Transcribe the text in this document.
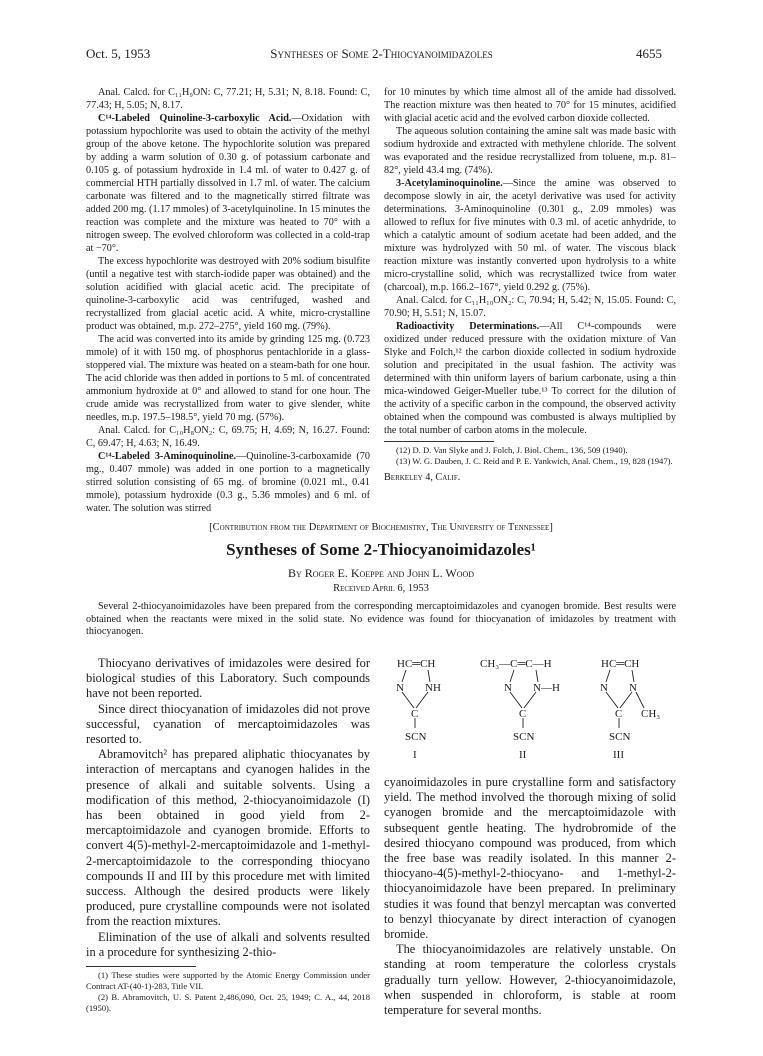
Oct. 5, 1953	Syntheses of Some 2-Thiocyanoimidazoles	4655

Anal. Calcd. for C₁₁H₉ON: C, 77.21; H, 5.31; N, 8.18. Found: C, 77.43; H, 5.05; N, 8.17.

C¹⁴-Labeled Quinoline-3-carboxylic Acid.—Oxidation with potassium hypochlorite was used to obtain the activity of the methyl group of the above ketone. The hypochlorite solution was prepared by adding a warm solution of 0.30 g. of potassium carbonate and 0.105 g. of potassium hydroxide in 1.4 ml. of water to 0.427 g. of commercial HTH partially dissolved in 1.7 ml. of water. The calcium carbonate was filtered and to the magnetically stirred filtrate was added 200 mg. (1.17 mmoles) of 3-acetylquinoline. In 15 minutes the reaction was complete and the mixture was heated to 70° with a nitrogen sweep. The evolved chloroform was collected in a cold-trap at −70°.

The excess hypochlorite was destroyed with 20% sodium bisulfite (until a negative test with starch-iodide paper was obtained) and the solution acidified with glacial acetic acid. The precipitate of quinoline-3-carboxylic acid was centrifuged, washed and recrystallized from glacial acetic acid. A white, micro-crystalline product was obtained, m.p. 272–275°, yield 160 mg. (79%).

The acid was converted into its amide by grinding 125 mg. (0.723 mmole) of it with 150 mg. of phosphorus pentachloride in a glass-stoppered vial. The mixture was heated on a steam-bath for one hour. The acid chloride was then added in portions to 5 ml. of concentrated ammonium hydroxide at 0° and allowed to stand for one hour. The crude amide was recrystallized from water to give slender, white needles, m.p. 197.5–198.5°, yield 70 mg. (57%).

Anal. Calcd. for C₁₀H₈ON₂: C, 69.75; H, 4.69; N, 16.27. Found: C, 69.47; H, 4.63; N, 16.49.

C¹⁴-Labeled 3-Aminoquinoline.—Quinoline-3-carboxamide (70 mg., 0.407 mmole) was added in one portion to a magnetically stirred solution consisting of 65 mg. of bromine (0.021 ml., 0.41 mmole), potassium hydroxide (0.3 g., 5.36 mmoles) and 6 ml. of water. The solution was stirred

for 10 minutes by which time almost all of the amide had dissolved. The reaction mixture was then heated to 70° for 15 minutes, acidified with glacial acetic acid and the evolved carbon dioxide collected.

The aqueous solution containing the amine salt was made basic with sodium hydroxide and extracted with methylene chloride. The solvent was evaporated and the residue recrystallized from toluene, m.p. 81–82°, yield 43.4 mg. (74%).

3-Acetylaminoquinoline.—Since the amine was observed to decompose slowly in air, the acetyl derivative was used for activity determinations. 3-Aminoquinoline (0.301 g., 2.09 mmoles) was allowed to reflux for five minutes with 0.3 ml. of acetic anhydride, to which a catalytic amount of sodium acetate had been added, and the mixture was hydrolyzed with 50 ml. of water. The viscous black reaction mixture was instantly converted upon hydrolysis to a white micro-crystalline solid, which was recrystallized twice from water (charcoal), m.p. 166.2–167°, yield 0.292 g. (75%).

Anal. Calcd. for C₁₁H₁₀ON₂: C, 70.94; H, 5.42; N, 15.05. Found: C, 70.90; H, 5.51; N, 15.07.

Radioactivity Determinations.—All C¹⁴-compounds were oxidized under reduced pressure with the oxidation mixture of Van Slyke and Folch,¹² the carbon dioxide collected in sodium hydroxide solution and precipitated in the usual fashion. The activity was determined with thin uniform layers of barium carbonate, using a thin mica-windowed Geiger-Mueller tube.¹³ To correct for the dilution of the activity of a specific carbon in the compound, the observed activity obtained when the compound was combusted is always multiplied by the total number of carbon atoms in the molecule.

(12) D. D. Van Slyke and J. Folch, J. Biol. Chem., 136, 509 (1940).

(13) W. G. Dauben, J. C. Reid and P. E. Yankwich, Anal. Chem., 19, 828 (1947).

Berkeley 4, Calif.

[Contribution from the Department of Biochemistry, The University of Tennessee]
Syntheses of Some 2-Thiocyanoimidazoles¹
By Roger E. Koeppe and John L. Wood
Received April 6, 1953
Several 2-thiocyanoimidazoles have been prepared from the corresponding mercaptoimidazoles and cyanogen bromide. Best results were obtained when the reactants were mixed in the solid state. No evidence was found for thiocyanation of imidazoles by treatment with thiocyanogen.

Thiocyano derivatives of imidazoles were desired for biological studies of this Laboratory. Such compounds have not been reported.

Since direct thiocyanation of imidazoles did not prove successful, cyanation of mercaptoimidazoles was resorted to.

Abramovitch² has prepared aliphatic thiocyanates by interaction of mercaptans and cyanogen halides in the presence of alkali and suitable solvents. Using a modification of this method, 2-thiocyanoimidazole (I) has been obtained in good yield from 2-mercaptoimidazole and cyanogen bromide. Efforts to convert 4(5)-methyl-2-mercaptoimidazole and 1-methyl-2-mercaptoimidazole to the corresponding thiocyano compounds II and III by this procedure met with limited success. Although the desired products were likely produced, pure crystalline compounds were not isolated from the reaction mixtures.

Elimination of the use of alkali and solvents resulted in a procedure for synthesizing 2-thio-

(1) These studies were supported by the Atomic Energy Commission under Contract AT-(40-1)-283, Title VII.

(2) B. Abramovitch, U. S. Patent 2,486,090, Oct. 25, 1949; C. A., 44, 2018 (1950).

HC═CH
N NH
C
SCN
I
CH₃—C═C—H
N N—H
C
SCN
II
HC═CH
N N
C CH₃
SCN
III

cyanoimidazoles in pure crystalline form and satisfactory yield. The method involved the thorough mixing of solid cyanogen bromide and the mercaptoimidazole with subsequent gentle heating. The hydrobromide of the desired thiocyano compound was produced, from which the free base was readily isolated. In this manner 2-thiocyano-4(5)-methyl-2-thiocyano- and 1-methyl-2-thiocyanoimidazole have been prepared. In preliminary studies it was found that benzyl mercaptan was converted to benzyl thiocyanate by direct interaction of cyanogen bromide.

The thiocyanoimidazoles are relatively unstable. On standing at room temperature the colorless crystals gradually turn yellow. However, 2-thiocyanoimidazole, when suspended in chloroform, is stable at room temperature for several months.
